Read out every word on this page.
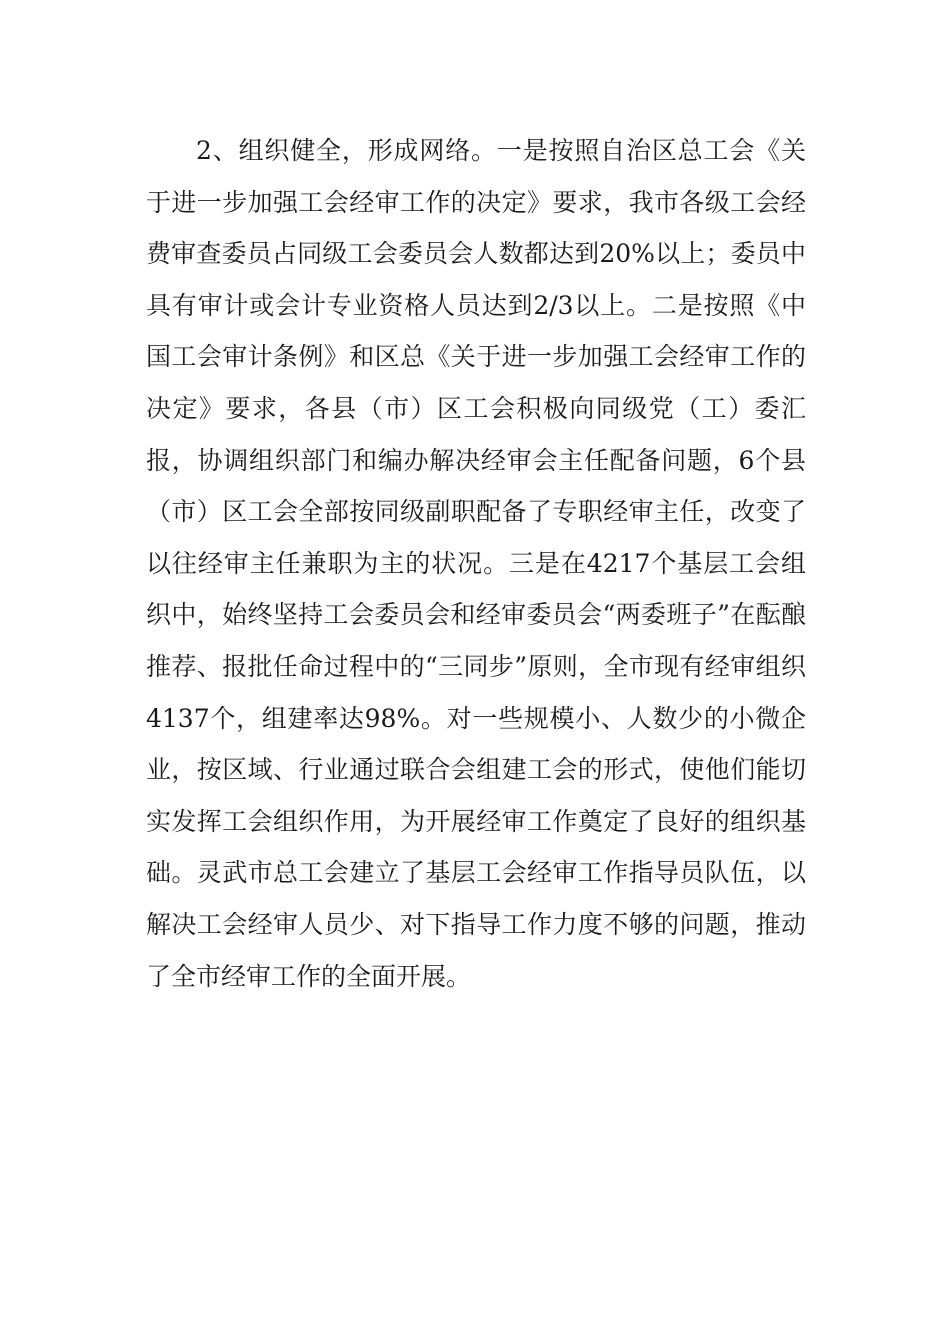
2、组织健全，形成网络。一是按照自治区总工会《关于进一步加强工会经审工作的决定》要求，我市各级工会经费审查委员占同级工会委员会人数都达到20%以上；委员中具有审计或会计专业资格人员达到2/3以上。二是按照《中国工会审计条例》和区总《关于进一步加强工会经审工作的决定》要求，各县（市）区工会积极向同级党（工）委汇报，协调组织部门和编办解决经审会主任配备问题，6个县（市）区工会全部按同级副职配备了专职经审主任，改变了以往经审主任兼职为主的状况。三是在4217个基层工会组织中，始终坚持工会委员会和经审委员会“两委班子”在酝酿推荐、报批任命过程中的“三同步”原则，全市现有经审组织4137个，组建率达98%。对一些规模小、人数少的小微企业，按区域、行业通过联合会组建工会的形式，使他们能切实发挥工会组织作用，为开展经审工作奠定了良好的组织基础。灵武市总工会建立了基层工会经审工作指导员队伍，以解决工会经审人员少、对下指导工作力度不够的问题，推动了全市经审工作的全面开展。
